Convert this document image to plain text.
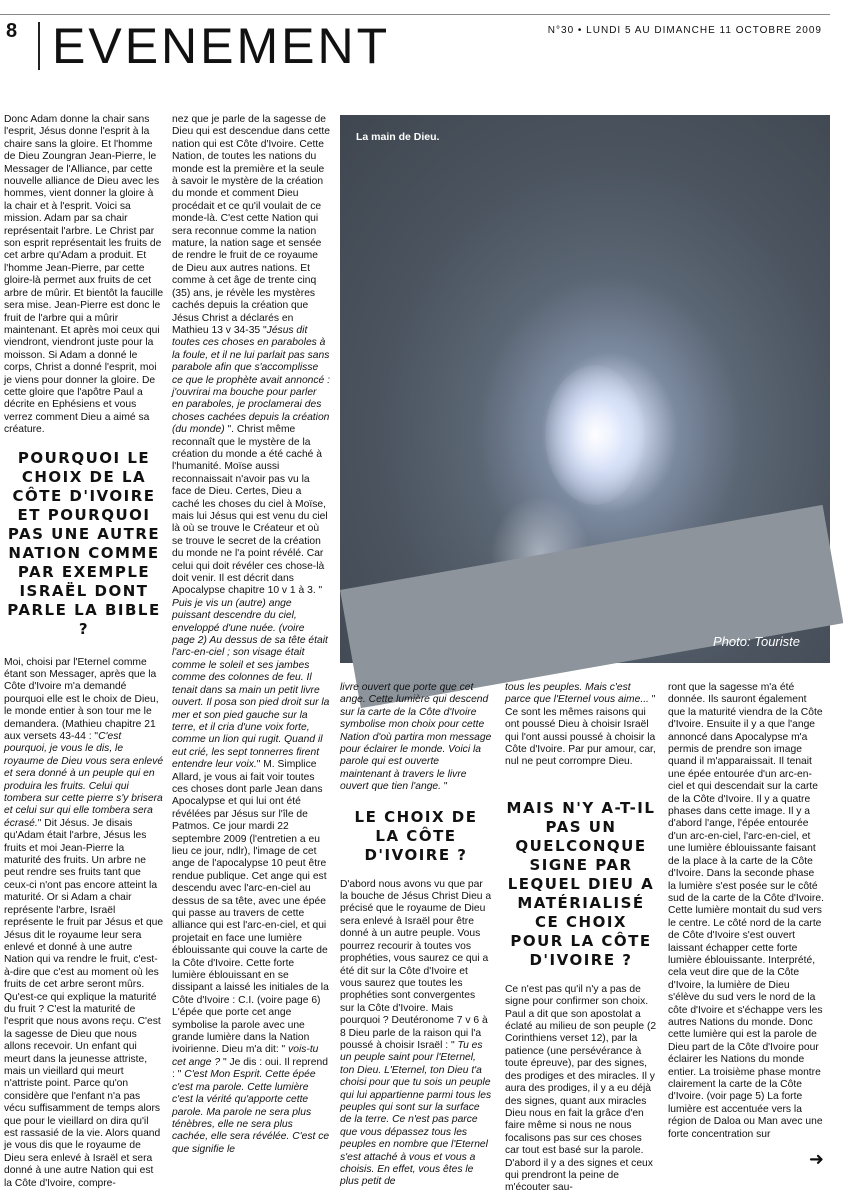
8 EVENEMENT	N°30 • LUNDI 5 AU DIMANCHE 11 OCTOBRE 2009

Donc Adam donne la chair sans l'esprit, Jésus donne l'esprit à la chaire sans la gloire. Et l'homme de Dieu Zoungran Jean-Pierre, le Messager de l'Alliance, par cette nouvelle alliance de Dieu avec les hommes, vient donner la gloire à la chair et à l'esprit. Voici sa mission. Adam par sa chair représentait l'arbre. Le Christ par son esprit représentait les fruits de cet arbre qu'Adam a produit. Et l'homme Jean-Pierre, par cette gloire-là permet aux fruits de cet arbre de mûrir. Et bientôt la faucille sera mise. Jean-Pierre est donc le fruit de l'arbre qui a mûrir maintenant. Et après moi ceux qui viendront, viendront juste pour la moisson. Si Adam a donné le corps, Christ a donné l'esprit, moi je viens pour donner la gloire. De cette gloire que l'apôtre Paul a décrite en Ephésiens et vous verrez comment Dieu a aimé sa créature.

POURQUOI LE CHOIX DE LA CÔTE D'IVOIRE ET POURQUOI PAS UNE AUTRE NATION COMME PAR EXEMPLE ISRAËL DONT PARLE LA BIBLE ?

Moi, choisi par l'Eternel comme étant son Messager, après que la Côte d'Ivoire m'a demandé pourquoi elle est le choix de Dieu, le monde entier à son tour me le demandera. (Mathieu chapitre 21 aux versets 43-44 : "C'est pourquoi, je vous le dis, le royaume de Dieu vous sera enlevé et sera donné à un peuple qui en produira les fruits. Celui qui tombera sur cette pierre s'y brisera et celui sur qui elle tombera sera écrasé." Dit Jésus. Je disais qu'Adam était l'arbre, Jésus les fruits et moi Jean-Pierre la maturité des fruits. Un arbre ne peut rendre ses fruits tant que ceux-ci n'ont pas encore atteint la maturité. Or si Adam a chair représente l'arbre, Israël représente le fruit par Jésus et que Jésus dit le royaume leur sera enlevé et donné à une autre Nation qui va rendre le fruit, c'est-à-dire que c'est au moment où les fruits de cet arbre seront mûrs. Qu'est-ce qui explique la maturité du fruit ? C'est la maturité de l'esprit que nous avons reçu. C'est la sagesse de Dieu que nous allons recevoir. Un enfant qui meurt dans la jeunesse attriste, mais un vieillard qui meurt n'attriste point. Parce qu'on considère que l'enfant n'a pas vécu suffisamment de temps alors que pour le vieillard on dira qu'il est rassasié de la vie. Alors quand je vous dis que le royaume de Dieu sera enlevé à Israël et sera donné à une autre Nation qui est la Côte d'Ivoire, compre-

nez que je parle de la sagesse de Dieu qui est descendue dans cette nation qui est Côte d'Ivoire. Cette Nation, de toutes les nations du monde est la première et la seule à savoir le mystère de la création du monde et comment Dieu procédait et ce qu'il voulait de ce monde-là. C'est cette Nation qui sera reconnue comme la nation mature, la nation sage et sensée de rendre le fruit de ce royaume de Dieu aux autres nations. Et comme à cet âge de trente cinq (35) ans, je révèle les mystères cachés depuis la création que Jésus Christ a déclarés en Mathieu 13 v 34-35 "Jésus dit toutes ces choses en paraboles à la foule, et il ne lui parlait pas sans parabole afin que s'accomplisse ce que le prophète avait annoncé : j'ouvrirai ma bouche pour parler en paraboles, je proclamerai des choses cachées depuis la création (du monde) ". Christ même reconnaît que le mystère de la création du monde a été caché à l'humanité. Moïse aussi reconnaissait n'avoir pas vu la face de Dieu. Certes, Dieu a caché les choses du ciel à Moïse, mais lui Jésus qui est venu du ciel là où se trouve le Créateur et où se trouve le secret de la création du monde ne l'a point révélé. Car celui qui doit révéler ces chose-là doit venir. Il est décrit dans Apocalypse chapitre 10 v 1 à 3. " Puis je vis un (autre) ange puissant descendre du ciel, enveloppé d'une nuée. (voire page 2) Au dessus de sa tête était l'arc-en-ciel ; son visage était comme le soleil et ses jambes comme des colonnes de feu. Il tenait dans sa main un petit livre ouvert. Il posa son pied droit sur la mer et son pied gauche sur la terre, et il cria d'une voix forte, comme un lion qui rugit. Quand il eut crié, les sept tonnerres firent entendre leur voix." M. Simplice Allard, je vous ai fait voir toutes ces choses dont parle Jean dans Apocalypse et qui lui ont été révélées par Jésus sur l'île de Patmos. Ce jour mardi 22 septembre 2009 (l'entretien a eu lieu ce jour, ndlr), l'image de cet ange de l'apocalypse 10 peut être rendue publique. Cet ange qui est descendu avec l'arc-en-ciel au dessus de sa tête, avec une épée qui passe au travers de cette alliance qui est l'arc-en-ciel, et qui projetait en face une lumière éblouissante qui couve la carte de la Côte d'Ivoire. Cette forte lumière éblouissant en se dissipant a laissé les initiales de la Côte d'Ivoire : C.I. (voire page 6) L'épée que porte cet ange symbolise la parole avec une grande lumière dans la Nation ivoirienne. Dieu m'a dit: " vois-tu cet ange ? " Je dis : oui. Il reprend : " C'est Mon Esprit. Cette épée c'est ma parole. Cette lumière c'est la vérité qu'apporte cette parole. Ma parole ne sera plus ténèbres, elle ne sera plus cachée, elle sera révélée. C'est ce que signifie le

La main de Dieu.
Photo: Touriste

livre ouvert que porte que cet ange. Cette lumière qui descend sur la carte de la Côte d'Ivoire symbolise mon choix pour cette Nation d'où partira mon message pour éclairer le monde. Voici la parole qui est ouverte maintenant à travers le livre ouvert que tien l'ange. "

LE CHOIX DE LA CÔTE D'IVOIRE ?

D'abord nous avons vu que par la bouche de Jésus Christ Dieu a précisé que le royaume de Dieu sera enlevé à Israël pour être donné à un autre peuple. Vous pourrez recourir à toutes vos prophéties, vous saurez ce qui a été dit sur la Côte d'Ivoire et vous saurez que toutes les prophéties sont convergentes sur la Côte d'Ivoire. Mais pourquoi ? Deutéronome 7 v 6 à 8 Dieu parle de la raison qui l'a poussé à choisir Israël : " Tu es un peuple saint pour l'Eternel, ton Dieu. L'Eternel, ton Dieu t'a choisi pour que tu sois un peuple qui lui appartienne parmi tous les peuples qui sont sur la surface de la terre. Ce n'est pas parce que vous dépassez tous les peuples en nombre que l'Eternel s'est attaché à vous et vous a choisis. En effet, vous êtes le plus petit de

tous les peuples. Mais c'est parce que l'Eternel vous aime... " Ce sont les mêmes raisons qui ont poussé Dieu à choisir Israël qui l'ont aussi poussé à choisir la Côte d'Ivoire. Par pur amour, car, nul ne peut corrompre Dieu.

MAIS N'Y A-T-IL PAS UN QUELCONQUE SIGNE PAR LEQUEL DIEU A MATÉRIALISÉ CE CHOIX POUR LA CÔTE D'IVOIRE ?

Ce n'est pas qu'il n'y a pas de signe pour confirmer son choix. Paul a dit que son apostolat a éclaté au milieu de son peuple (2 Corinthiens verset 12), par la patience (une persévérance à toute épreuve), par des signes, des prodiges et des miracles. Il y aura des prodiges, il y a eu déjà des signes, quant aux miracles Dieu nous en fait la grâce d'en faire même si nous ne nous focalisons pas sur ces choses car tout est basé sur la parole. D'abord il y a des signes et ceux qui prendront la peine de m'écouter sau-

ront que la sagesse m'a été donnée. Ils sauront également que la maturité viendra de la Côte d'Ivoire. Ensuite il y a que l'ange annoncé dans Apocalypse m'a permis de prendre son image quand il m'apparaissait. Il tenait une épée entourée d'un arc-en-ciel et qui descendait sur la carte de la Côte d'Ivoire. Il y a quatre phases dans cette image. Il y a d'abord l'ange, l'épée entourée d'un arc-en-ciel, l'arc-en-ciel, et une lumière éblouissante faisant de la place à la carte de la Côte d'Ivoire. Dans la seconde phase la lumière s'est posée sur le côté sud de la carte de la Côte d'Ivoire. Cette lumière montait du sud vers le centre. Le côté nord de la carte de Côte d'Ivoire s'est ouvert laissant échapper cette forte lumière éblouissante. Interprété, cela veut dire que de la Côte d'Ivoire, la lumière de Dieu s'élève du sud vers le nord de la côte d'Ivoire et s'échappe vers les autres Nations du monde. Donc cette lumière qui est la parole de Dieu part de la Côte d'Ivoire pour éclairer les Nations du monde entier. La troisième phase montre clairement la carte de la Côte d'Ivoire. (voir page 5) La forte lumière est accentuée vers la région de Daloa ou Man avec une forte concentration sur

➜
